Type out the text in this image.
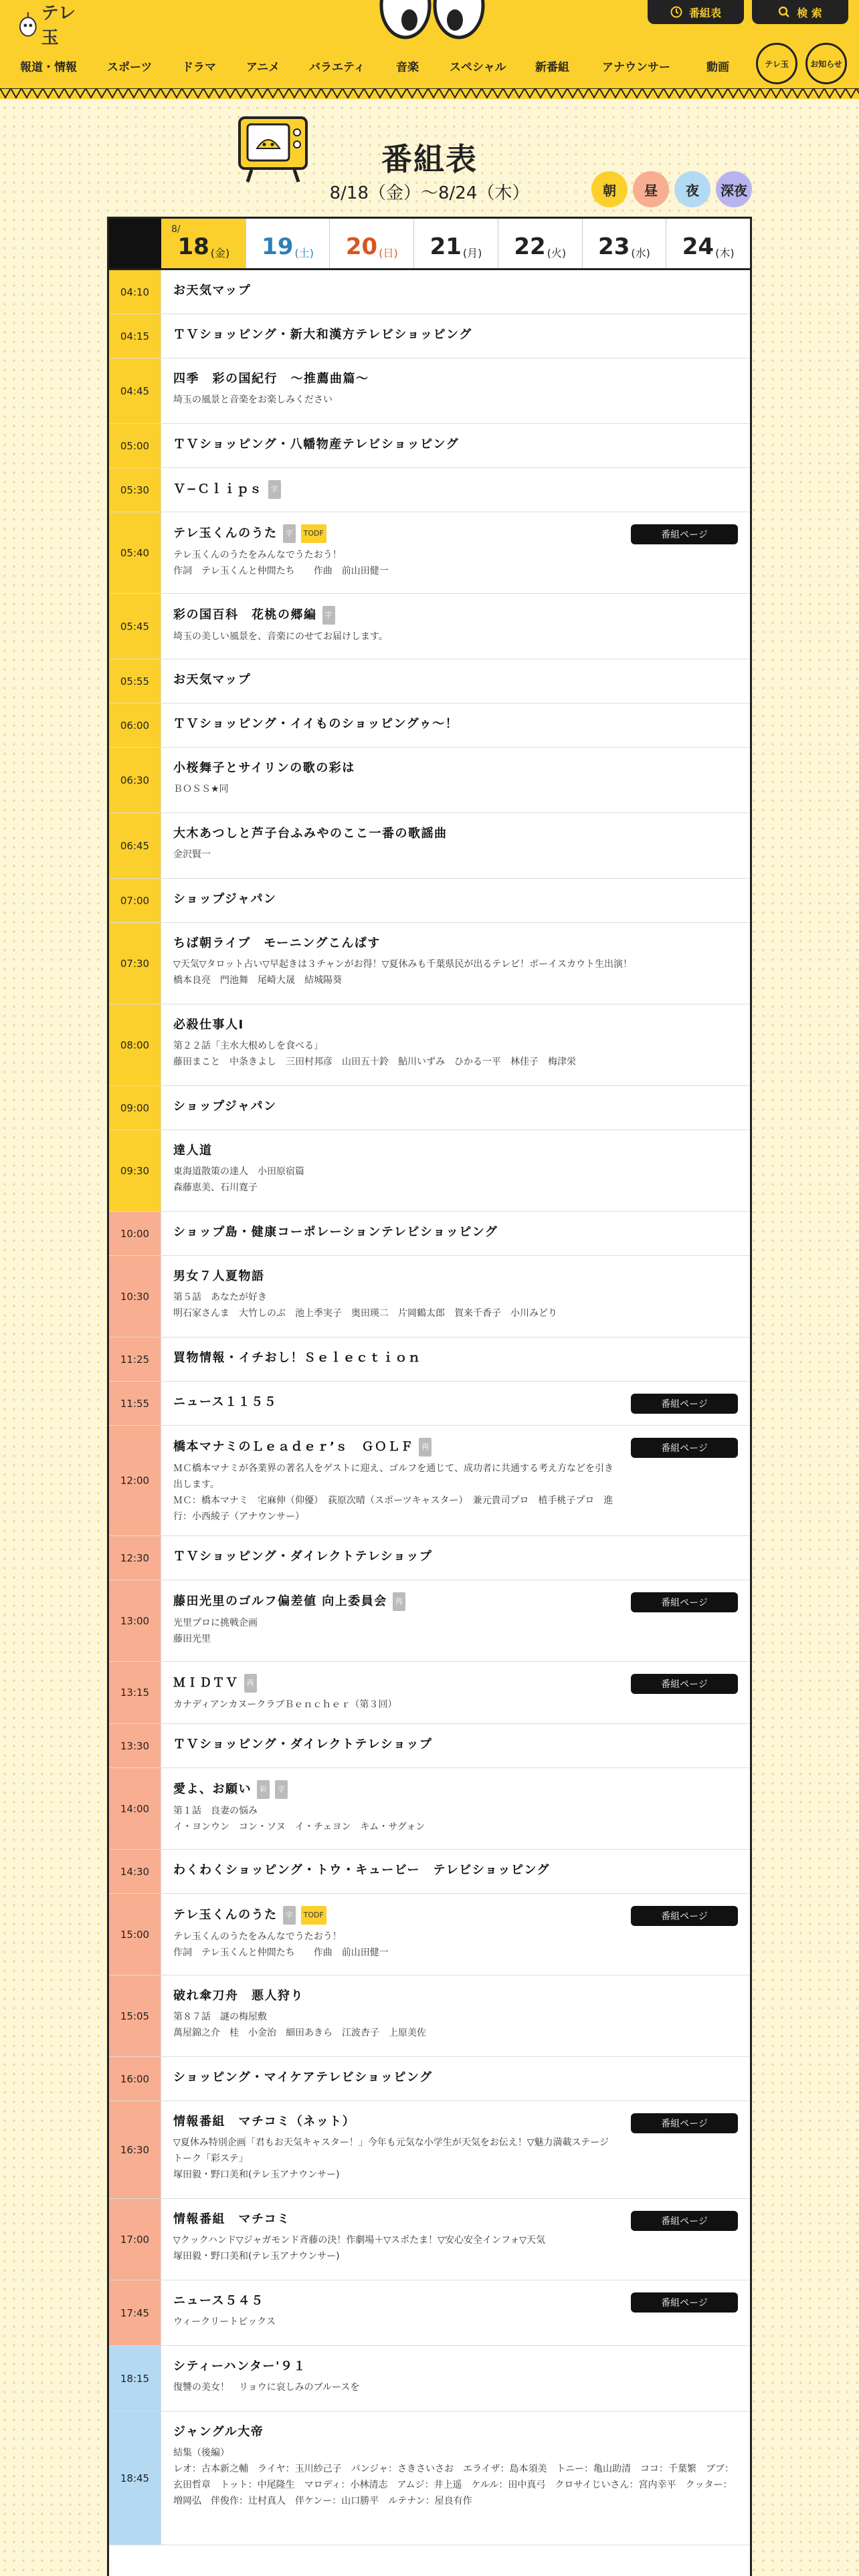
テレ玉
番組表	検 索
報道・情報	スポーツ	ドラマ	アニメ	バラエティ	音楽	スペシャル	新番組	アナウンサー	動画	テレ玉	お知らせ
番組表
8/18（金）〜8/24（木）	朝 昼 夜 深夜
8/
18 (金) 19 (土) 20 (日) 21 (月) 22 (火) 23 (水) 24 (木)
04:10	お天気マップ
04:15	ＴＶショッピング・新大和漢方テレビショッピング
04:45
四季　彩の国紀行　〜推薦曲篇〜
埼玉の風景と音楽をお楽しみください
05:00	ＴＶショッピング・八幡物産テレビショッピング
05:30	Ｖ−Ｃｌｉｐｓ	字
05:40
テレ玉くんのうた	字	TODF
テレ玉くんのうたをみんなでうたおう！
作詞　テレ玉くんと仲間たち　　作曲　前山田健一
番組ページ
05:45
彩の国百科　花桃の郷編	字
埼玉の美しい風景を、音楽にのせてお届けします。
05:55	お天気マップ
06:00	ＴＶショッピング・イイものショッピングゥ〜！
06:30
小桜舞子とサイリンの歌の彩は
ＢＯＳＳ★同
06:45
大木あつしと芦子台ふみやのここ一番の歌謡曲
金沢賢一
07:00	ショップジャパン
07:30
ちば朝ライブ　モーニングこんぱす
▽天気▽タロット占い▽早起きは３チャンがお得！▽夏休みも千葉県民が出るテレビ！ボーイスカウト生出演！
橋本良亮　門池舞　尾崎大晟　結城陽葵
08:00
必殺仕事人Ⅰ
第２２話「主水大根めしを食べる」
藤田まこと　中条きよし　三田村邦彦　山田五十鈴　鮎川いずみ　ひかる一平　林佳子　梅津栄
09:00	ショップジャパン
09:30
達人道
東海道散策の達人　小田原宿篇
森藤恵美、石川寛子
10:00	ショップ島・健康コーポレーションテレビショッピング
10:30
男女７人夏物語
第５話　あなたが好き
明石家さんま　大竹しのぶ　池上季実子　奥田瑛二　片岡鶴太郎　賀来千香子　小川みどり
11:25	買物情報・イチおし！Ｓｅｌｅｃｔｉｏｎ
11:55	ニュース１１５５	番組ページ
12:00
橋本マナミのＬｅａｄｅｒ’ｓ　ＧＯＬＦ	再
ＭＣ橋本マナミが各業界の著名人をゲストに迎え、ゴルフを通じて、成功者に共通する考え方などを引き出します。
ＭＣ：橋本マナミ　宅麻伸（仰優）　荻原次晴（スポーツキャスター）　兼元貴司プロ　植手桃子プロ　進行：小西綾子（アナウンサー）
番組ページ
12:30	ＴＶショッピング・ダイレクトテレショップ
13:00
藤田光里のゴルフ偏差値 向上委員会	再
光里プロに挑戦企画
藤田光里
番組ページ
13:15
ＭＩＤＴＶ	再
カナディアンカヌークラブＢｅｎｃｈｅｒ（第３回）
番組ページ
13:30	ＴＶショッピング・ダイレクトテレショップ
14:00
愛よ、お願い	彩	字
第１話　良妻の悩み
イ・ヨンウン　コン・ソヌ　イ・チェヨン　キム・サグォン
14:30	わくわくショッピング・トウ・キュービー　テレビショッピング
15:00
テレ玉くんのうた	字	TODF
テレ玉くんのうたをみんなでうたおう！
作詞　テレ玉くんと仲間たち　　作曲　前山田健一
番組ページ
15:05
破れ傘刀舟　悪人狩り
第８７話　謎の梅屋敷
萬屋錦之介　桂　小金治　細田あきら　江波杏子　上原美佐
16:00	ショッピング・マイケアテレビショッピング
16:30
情報番組　マチコミ（ネット）
▽夏休み特別企画「君もお天気キャスター！」今年も元気な小学生が天気をお伝え！▽魅力満載ステージトーク「彩ステ」
塚田毅・野口美和(テレ玉アナウンサー)
番組ページ
17:00
情報番組　マチコミ
▽クックハンド▽ジャガモンド斉藤の決！作劇場＋▽スポたま！▽安心安全インフォ▽天気
塚田毅・野口美和(テレ玉アナウンサー)
番組ページ
17:45
ニュース５４５
ウィークリートピックス
番組ページ
18:15
シティーハンター'９１
復讐の美女！　リョウに哀しみのブルースを
18:45
ジャングル大帝
結集（後編）
レオ：古本新之輔　ライヤ：玉川紗己子　パンジャ：さきさいさお　エライザ：島本須美　トニー：亀山助清　ココ：千葉繁　ブブ：玄田哲章　トット：中尾隆生　マロディ：小林清志　アムジ：井上遥　ケルル：田中真弓　クロサイじいさん：宮内幸平　クッター：増岡弘　伴俊作：辻村真人　伴ケンー：山口勝平　ルテナン：屋良有作
